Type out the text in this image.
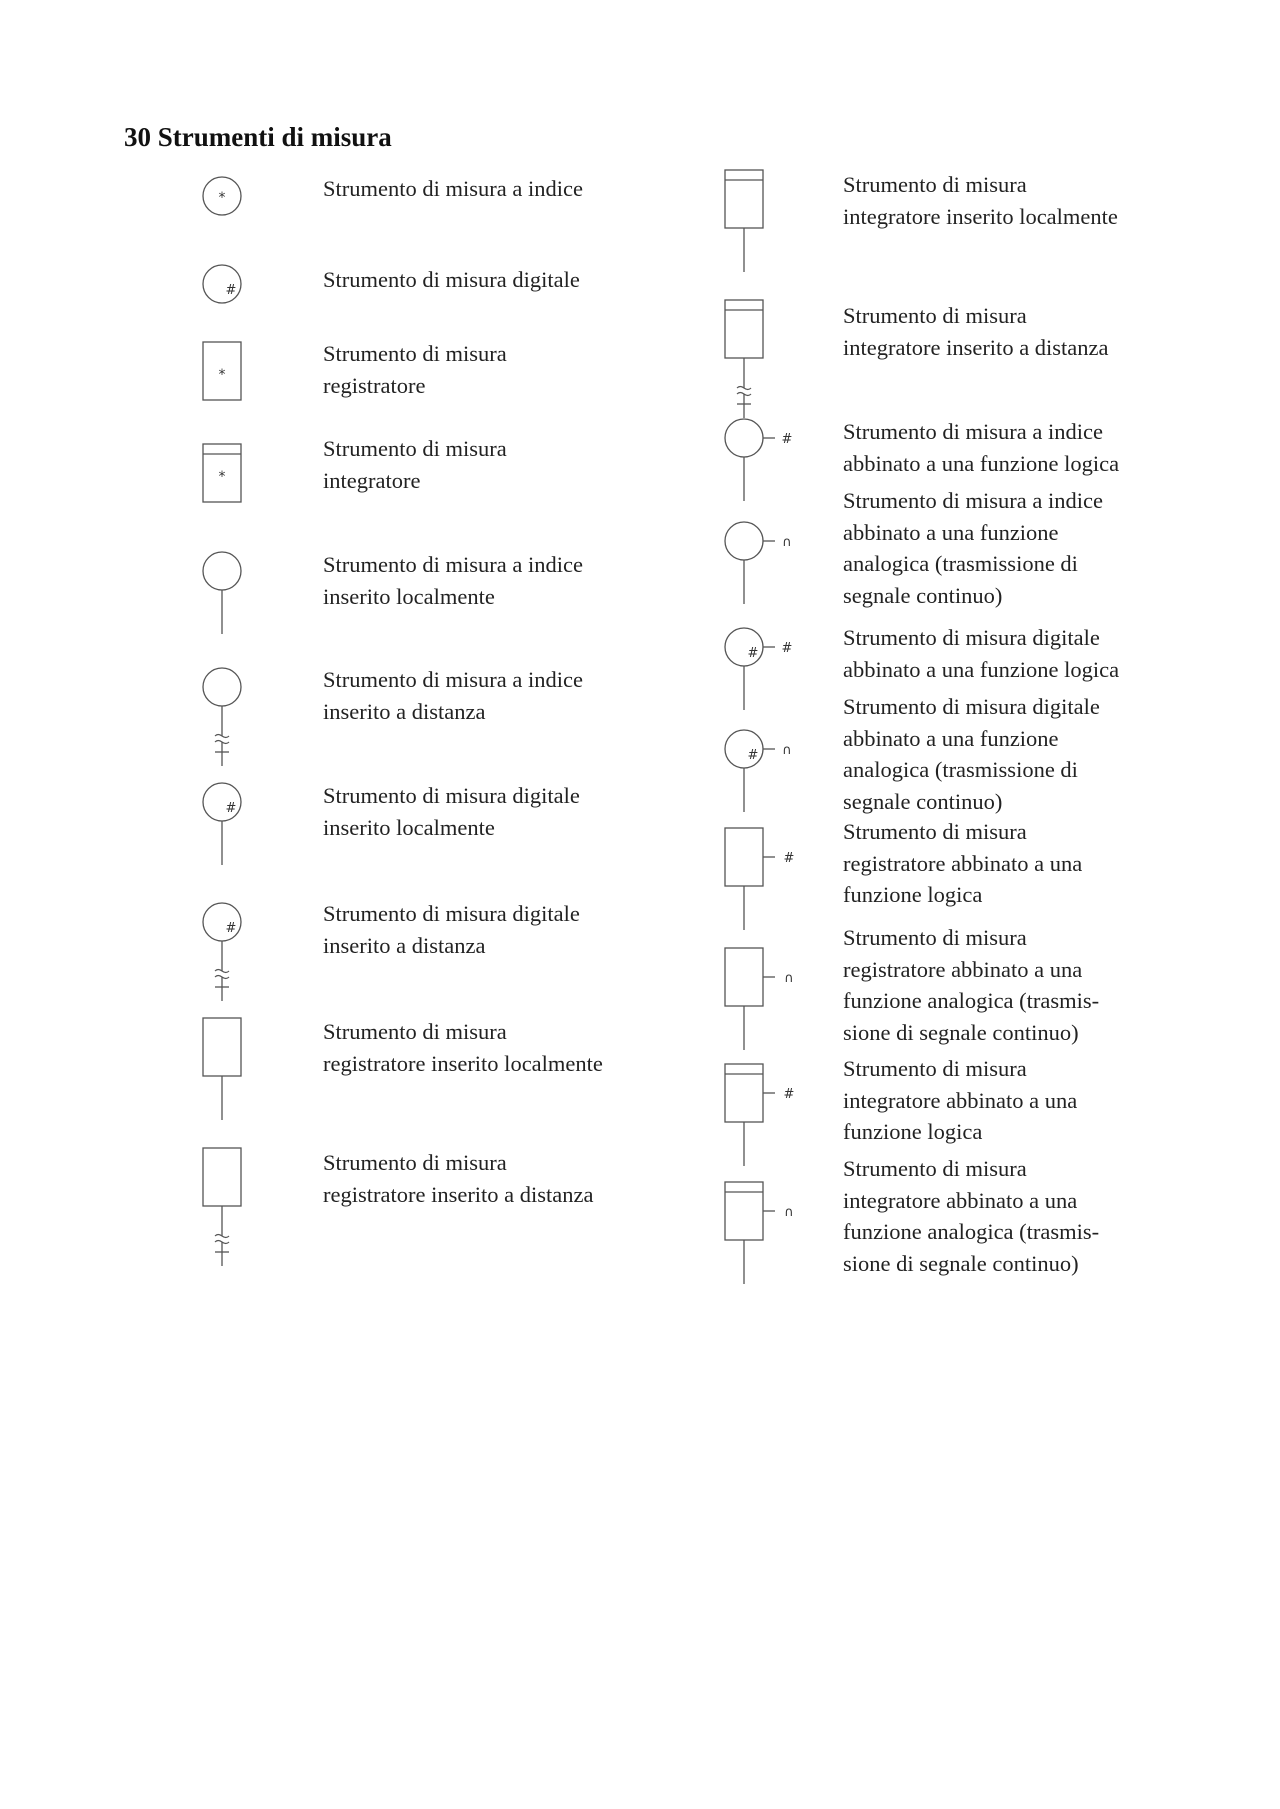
30 Strumenti di misura
*	Strumento di misura a indice
#	Strumento di misura digitale
*
Strumento di misura
registratore
*
Strumento di misura
integratore
Strumento di misura a indice
inserito localmente
Strumento di misura a indice
inserito a distanza
#
Strumento di misura digitale
inserito localmente
#
Strumento di misura digitale
inserito a distanza
Strumento di misura
registratore inserito localmente
Strumento di misura
registratore inserito a distanza
Strumento di misura
integratore inserito localmente
Strumento di misura
integratore inserito a distanza
# Strumento di misura a indice
abbinato a una funzione logica
∩
Strumento di misura a indice
abbinato a una funzione
analogica (trasmissione di
segnale continuo)
# # Strumento di misura digitale
abbinato a una funzione logica
# ∩
Strumento di misura digitale
abbinato a una funzione
analogica (trasmissione di
segnale continuo)
#
Strumento di misura
registratore abbinato a una
funzione logica
∩
Strumento di misura
registratore abbinato a una
funzione analogica (trasmis-
sione di segnale continuo)
#
Strumento di misura
integratore abbinato a una
funzione logica
∩
Strumento di misura
integratore abbinato a una
funzione analogica (trasmis-
sione di segnale continuo)
